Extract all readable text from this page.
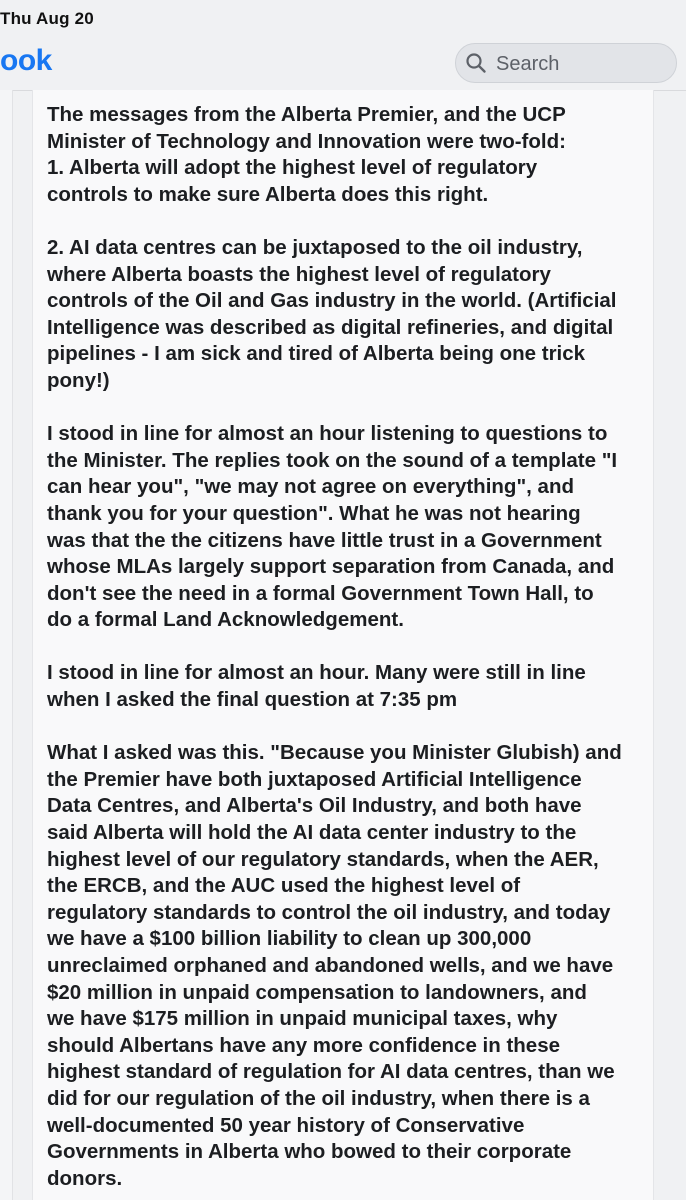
Thu Aug 20
ook	Search

The messages from the Alberta Premier, and the UCP
Minister of Technology and Innovation were two-fold:
1. Alberta will adopt the highest level of regulatory
controls to make sure Alberta does this right.

2. AI data centres can be juxtaposed to the oil industry,
where Alberta boasts the highest level of regulatory
controls of the Oil and Gas industry in the world. (Artificial
Intelligence was described as digital refineries, and digital
pipelines - I am sick and tired of Alberta being one trick
pony!)

I stood in line for almost an hour listening to questions to
the Minister. The replies took on the sound of a template "I
can hear you", "we may not agree on everything", and
thank you for your question". What he was not hearing
was that the the citizens have little trust in a Government
whose MLAs largely support separation from Canada, and
don't see the need in a formal Government Town Hall, to
do a formal Land Acknowledgement.

I stood in line for almost an hour. Many were still in line
when I asked the final question at 7:35 pm

What I asked was this. "Because you Minister Glubish) and
the Premier have both juxtaposed Artificial Intelligence
Data Centres, and Alberta's Oil Industry, and both have
said Alberta will hold the AI data center industry to the
highest level of our regulatory standards, when the AER,
the ERCB, and the AUC used the highest level of
regulatory standards to control the oil industry, and today
we have a $100 billion liability to clean up 300,000
unreclaimed orphaned and abandoned wells, and we have
$20 million in unpaid compensation to landowners, and
we have $175 million in unpaid municipal taxes, why
should Albertans have any more confidence in these
highest standard of regulation for AI data centres, than we
did for our regulation of the oil industry, when there is a
well-documented 50 year history of Conservative
Governments in Alberta who bowed to their corporate
donors.
